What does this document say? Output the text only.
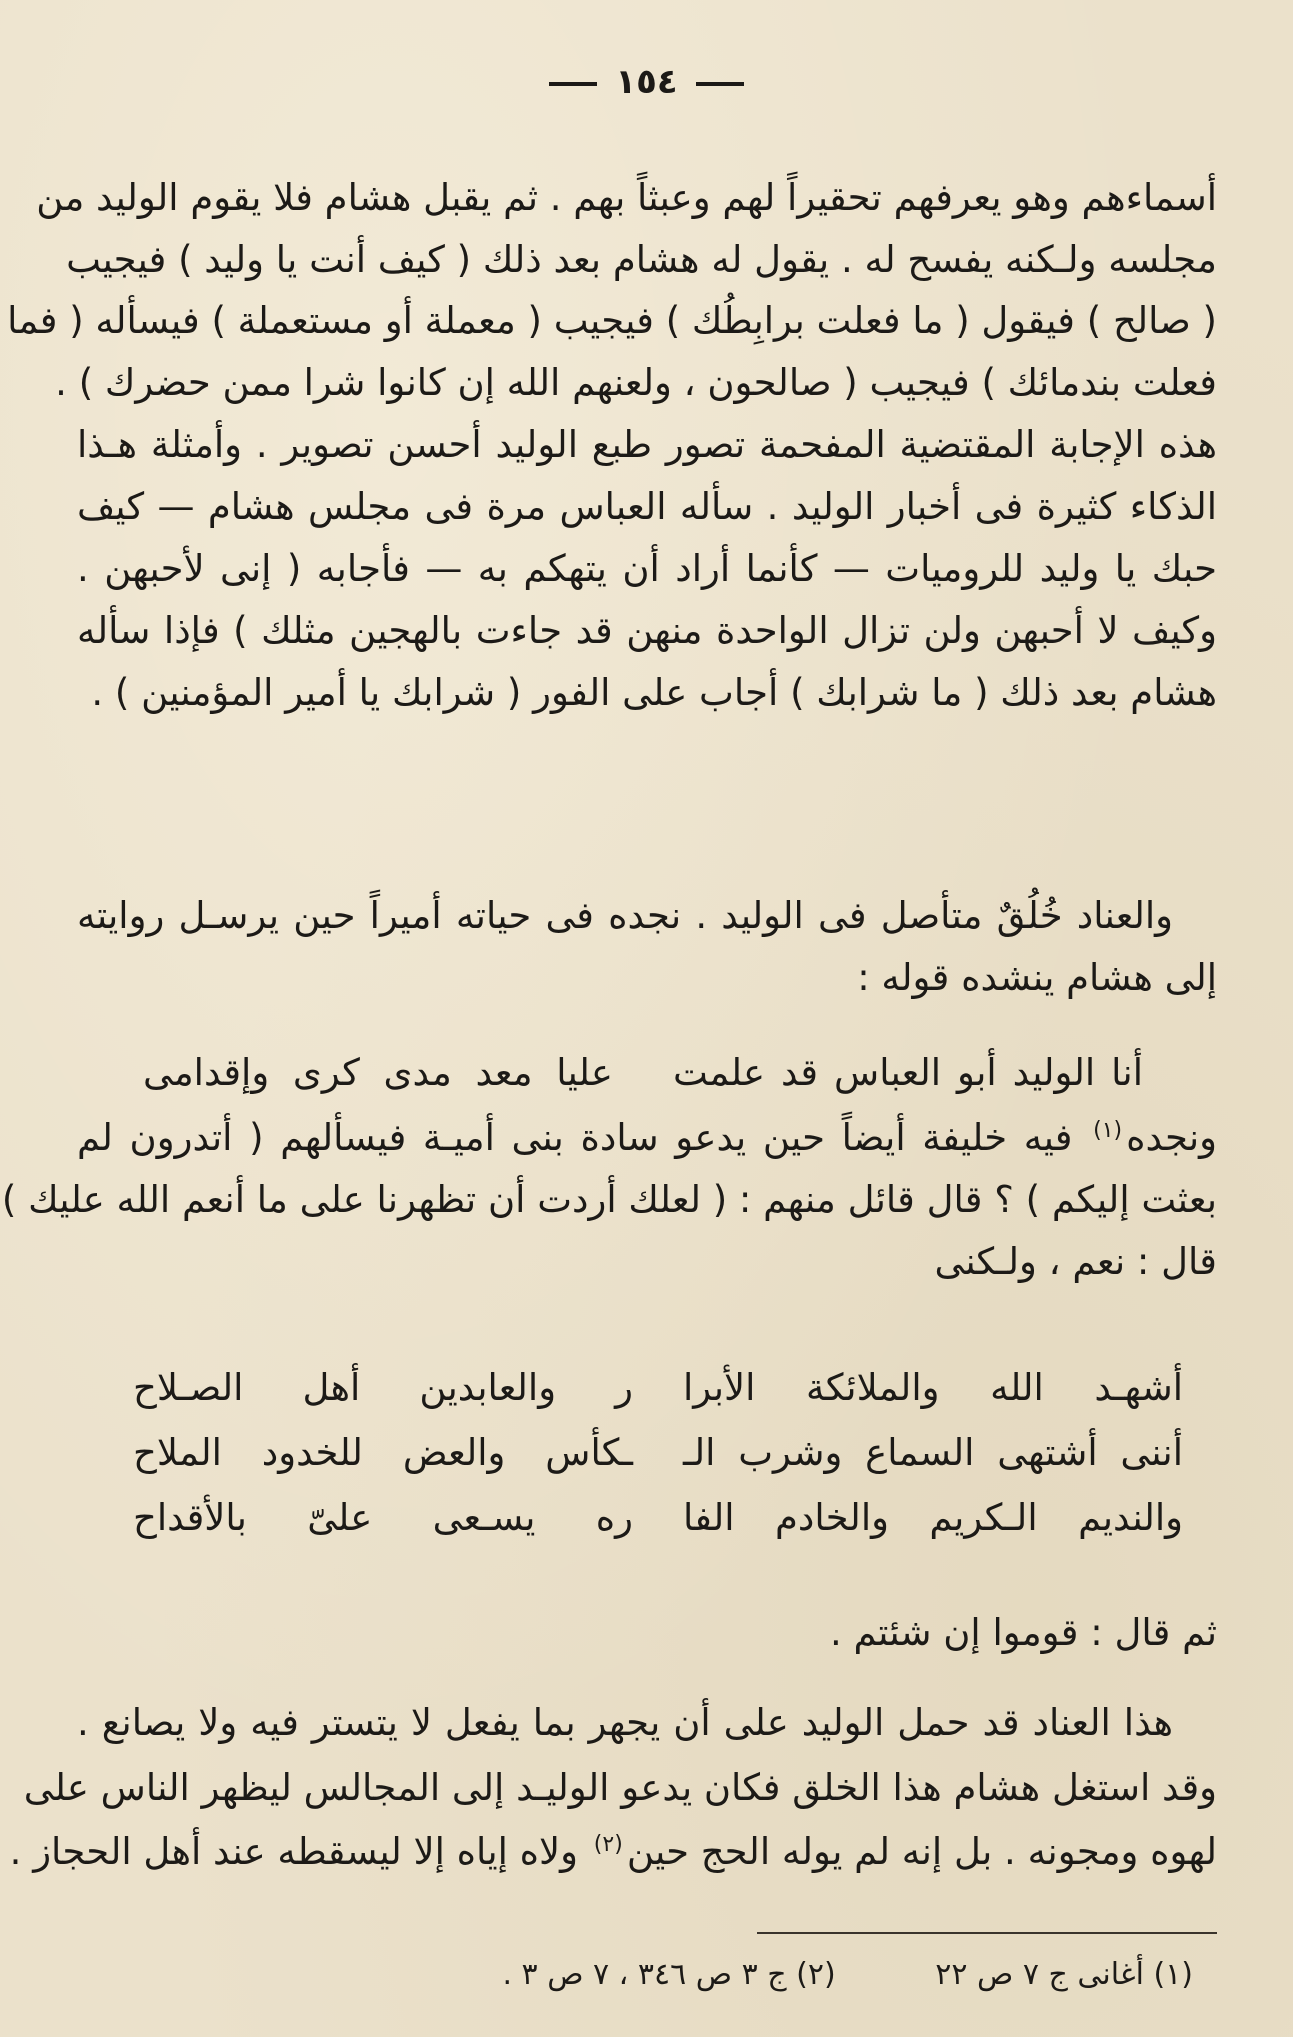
١٥٤
أسماءهم وهو يعرفهم تحقيراً لهم وعبثاً بهم . ثم يقبل هشام فلا يقوم الوليد من
مجلسه ولـكنه يفسح له . يقول له هشام بعد ذلك ( كيف أنت يا وليد ) فيجيب
( صالح ) فيقول ( ما فعلت برابِطُك ) فيجيب ( معملة أو مستعملة ) فيسأله ( فما
فعلت بندمائك ) فيجيب ( صالحون ، ولعنهم الله إن كانوا شرا ممن حضرك ) .
هذه الإجابة المقتضية المفحمة تصور طبع الوليد أحسن تصوير . وأمثلة هـذا
الذكاء كثيرة فى أخبار الوليد . سأله العباس مرة فى مجلس هشام — كيف
حبك يا وليد للروميات — كأنما أراد أن يتهكم به — فأجابه ( إنى لأحبهن .
وكيف لا أحبهن ولن تزال الواحدة منهن قد جاءت بالهجين مثلك ) فإذا سأله
هشام بعد ذلك ( ما شرابك ) أجاب على الفور ( شرابك يا أمير المؤمنين ) .
والعناد خُلُقٌ متأصل فى الوليد . نجده فى حياته أميراً حين يرسـل روايته
إلى هشام ينشده قوله :
أنا الوليد أبو العباس قد علمت
عليا معد مدى كرى وإقدامى
ونجده$^{(١)}$ فيه خليفة أيضاً حين يدعو سادة بنى أميـة فيسألهم ( أتدرون لم
بعثت إليكم ) ؟ قال قائل منهم : ( لعلك أردت أن تظهرنا على ما أنعم الله عليك )
قال : نعم ، ولـكنى
أشهـد الله والملائكة الأبرا
ر والعابدين أهل الصـلاح
أننى أشتهى السماع وشرب الـ
ـكأس والعض للخدود الملاح
والنديم الـكريم والخادم الفا
ره يسـعى علىّ بالأقداح
ثم قال : قوموا إن شئتم .
هذا العناد قد حمل الوليد على أن يجهر بما يفعل لا يتستر فيه ولا يصانع .
وقد استغل هشام هذا الخلق فكان يدعو الوليـد إلى المجالس ليظهر الناس على
لهوه ومجونه . بل إنه لم يوله الحج حين$^{(٢)}$ ولاه إياه إلا ليسقطه عند أهل الحجاز .
(١) أغانى ج ٧ ص ٢٢ (٢) ج ٣ ص ٣٤٦ ، ٧ ص ٣ .
